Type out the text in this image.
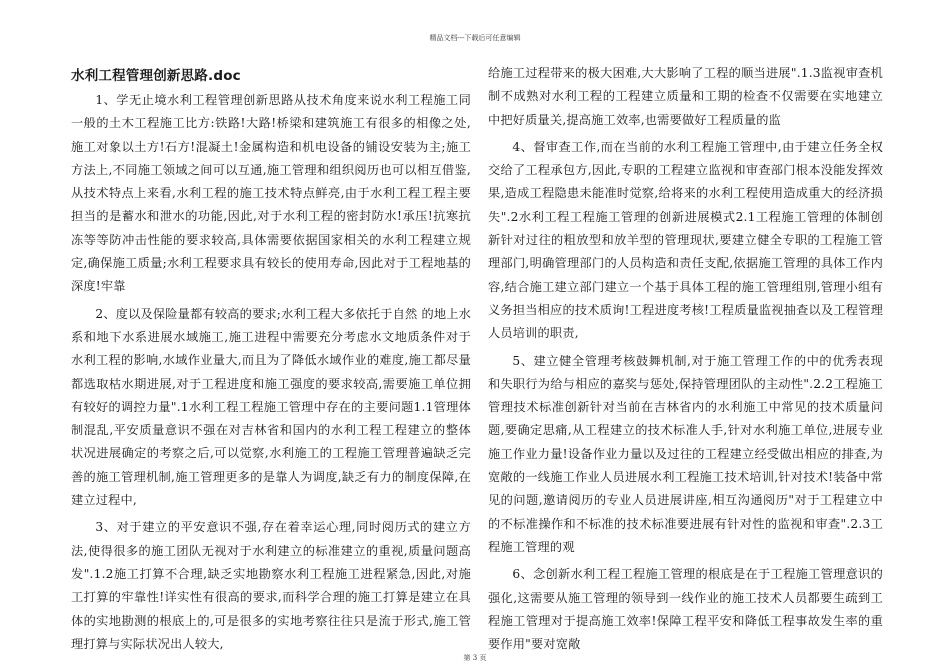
精品文档---下载后可任意编辑
水利工程管理创新思路.doc

1、学无止境水利工程管理创新思路从技术角度来说水利工程施工同一般的土木工程施工比方:铁路!大路!桥梁和建筑施工有很多的相像之处,施工对象以土方!石方!混凝土!金属构造和机电设备的铺设安装为主;施工方法上,不同施工领域之间可以互通,施工管理和组织阅历也可以相互借鉴,从技术特点上来看,水利工程的施工技术特点鲜亮,由于水利工程工程主要担当的是蓄水和泄水的功能,因此,对于水利工程的密封防水!承压!抗寒抗冻等等防冲击性能的要求较高,具体需要依据国家相关的水利工程建立规定,确保施工质量;水利工程要求具有较长的使用寿命,因此对于工程地基的深度!牢靠

2、度以及保险量都有较高的要求;水利工程大多依托于自然 的地上水系和地下水系进展水域施工,施工进程中需要充分考虑水文地质条件对于水利工程的影响,水域作业量大,而且为了降低水域作业的难度,施工都尽量都选取枯水期进展,对于工程进度和施工强度的要求较高,需要施工单位拥有较好的调控力量".1水利工程工程施工管理中存在的主要问题1.1管理体制混乱,平安质量意识不强在对吉林省和国内的水利工程工程建立的整体状况进展确定的考察之后,可以觉察,水利施工的工程施工管理普遍缺乏完善的施工管理机制,施工管理更多的是靠人为调度,缺乏有力的制度保障,在建立过程中,

3、对于建立的平安意识不强,存在着幸运心理,同时阅历式的建立方法,使得很多的施工团队无视对于水利建立的标准建立的重视,质量问题高发".1.2施工打算不合理,缺乏实地勘察水利工程施工进程紧急,因此,对施工打算的牢靠性!详实性有很高的要求,而科学合理的施工打算是建立在具体的实地勘测的根底上的,可是很多的实地考察往往只是流于形式,施工管理打算与实际状况出人较大,

给施工过程带来的极大困难,大大影响了工程的顺当进展".1.3监视审查机制不成熟对水利工程的工程建立质量和工期的检查不仅需要在实地建立中把好质量关,提高施工效率,也需要做好工程质量的监

4、督审查工作,而在当前的水利工程施工管理中,由于建立任务全权交给了工程承包方,因此,专职的工程建立监视和审查部门根本没能发挥效果,造成工程隐患未能准时觉察,给将来的水利工程使用造成重大的经济损失".2水利工程工程施工管理的创新进展模式2.1工程施工管理的体制创新针对过往的粗放型和放羊型的管理现状,要建立健全专职的工程施工管理部门,明确管理部门的人员构造和责任支配,依据施工管理的具体工作内容,结合施工建立部门建立一个基于具体工程的施工管理组別,管理小组有义务担当相应的技术质询!工程进度考核!工程质量监视抽查以及工程管理人员培训的职责,

5、建立健全管理考核鼓舞机制,对于施工管理工作的中的优秀表现和失职行为给与相应的嘉奖与惩处,保持管理团队的主动性".2.2工程施工管理技术标准创新针对当前在吉林省内的水利施工中常见的技术质量问题,要确定思痛,从工程建立的技术标准人手,针对水利施工单位,进展专业施工作业力量!设备作业力量以及过往的工程建立经受做出相应的排查,为宽敞的一线施工作业人员进展水利工程施工技术培训,针对技术!装备中常见的问题,邀请阅历的专业人员进展讲座,相互沟通阅历"对于工程建立中的不标准操作和不标准的技术标准要进展有针对性的监视和审查".2.3工程施工管理的观

6、念创新水利工程工程施工管理的根底是在于工程施工管理意识的强化,这需要从施工管理的领导到一线作业的施工技术人员都要生疏到工程施工管理对于提高施工效率!保障工程平安和降低工程事故发生率的重要作用"要对宽敞

第 3 页
